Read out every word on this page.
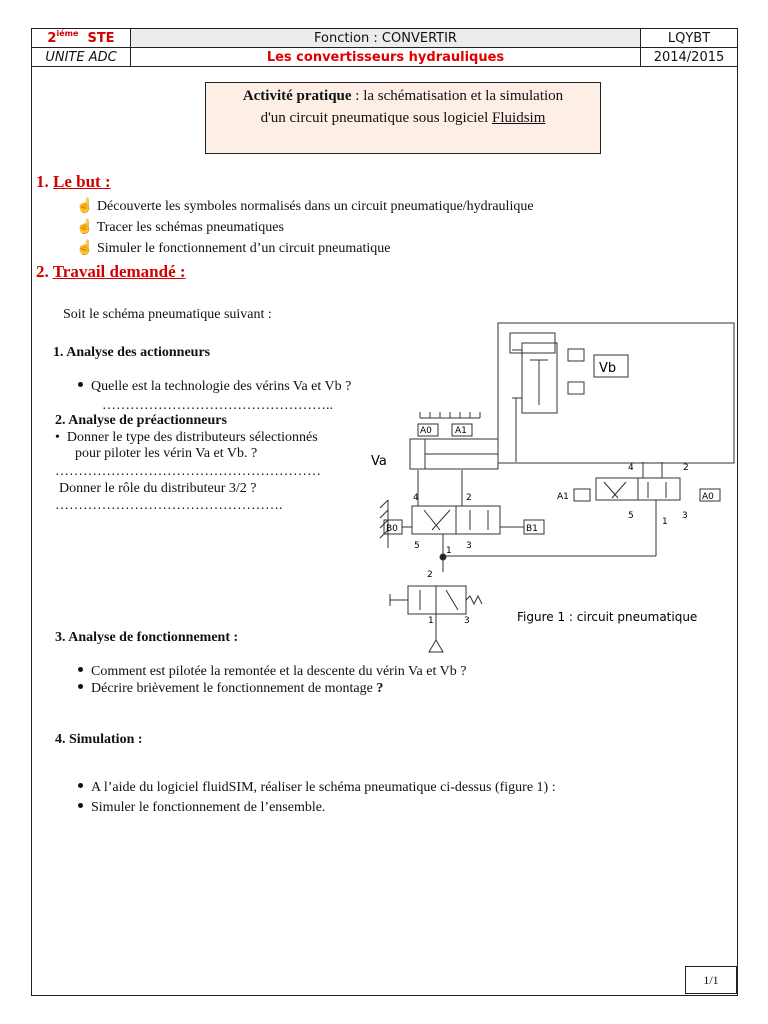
$2^{iéme}$ STE	Fonction : CONVERTIR	LQYBT
UNITE ADC	Les convertisseurs hydrauliques	2014/2015
Activité pratique : la schématisation et la simulation
d'un circuit pneumatique sous logiciel Fluidsim
1. Le but :
☝ Découverte les symboles normalisés dans un circuit pneumatique/hydraulique
☝ Tracer les schémas pneumatiques
☝ Simuler le fonctionnement d’un circuit pneumatique
2. Travail demandé :
Soit le schéma pneumatique suivant :
1. Analyse des actionneurs
Quelle est la technologie des vérins Va et Vb ?
…………………………………………..
2. Analyse de préactionneurs
•  Donner le type des distributeurs sélectionnés
pour piloter les vérin Va et Vb. ?
…………………………………………………
Donner le rôle du distributeur 3/2 ?
………………………………………….
3. Analyse de fonctionnement :
Comment est pilotée la remontée et la descente du vérin Va et Vb ?
Décrire brièvement le fonctionnement de montage ?
4. Simulation :
A l’aide du logiciel fluidSIM, réaliser le schéma pneumatique ci-dessus (figure 1) :
Simuler le fonctionnement de l’ensemble.
Vb
Va
A0	A1
B0	B1
A1	A0
4	2
5	3
1
4	2
5	3
1
2
1	3	Figure 1 : circuit pneumatique
1/1
